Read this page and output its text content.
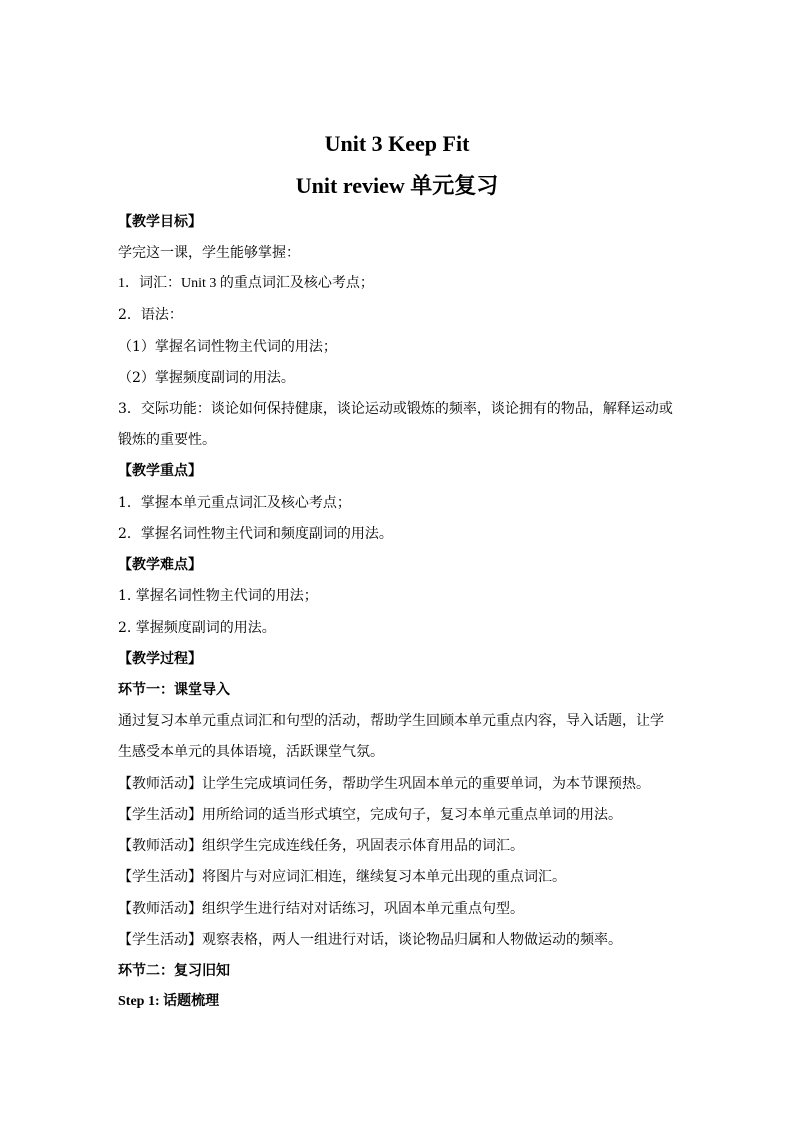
Unit 3 Keep Fit
Unit review 单元复习
【教学目标】
学完这一课，学生能够掌握：
1．词汇：Unit 3 的重点词汇及核心考点；
2．语法：
（1）掌握名词性物主代词的用法；
（2）掌握频度副词的用法。
3．交际功能：谈论如何保持健康，谈论运动或锻炼的频率，谈论拥有的物品，解释运动或
锻炼的重要性。
【教学重点】
1．掌握本单元重点词汇及核心考点；
2．掌握名词性物主代词和频度副词的用法。
【教学难点】
1. 掌握名词性物主代词的用法；
2. 掌握频度副词的用法。
【教学过程】
环节一：课堂导入
通过复习本单元重点词汇和句型的活动，帮助学生回顾本单元重点内容，导入话题，让学
生感受本单元的具体语境，活跃课堂气氛。
【教师活动】让学生完成填词任务，帮助学生巩固本单元的重要单词，为本节课预热。
【学生活动】用所给词的适当形式填空，完成句子，复习本单元重点单词的用法。
【教师活动】组织学生完成连线任务，巩固表示体育用品的词汇。
【学生活动】将图片与对应词汇相连，继续复习本单元出现的重点词汇。
【教师活动】组织学生进行结对对话练习，巩固本单元重点句型。
【学生活动】观察表格，两人一组进行对话，谈论物品归属和人物做运动的频率。
环节二：复习旧知
Step 1: 话题梳理
